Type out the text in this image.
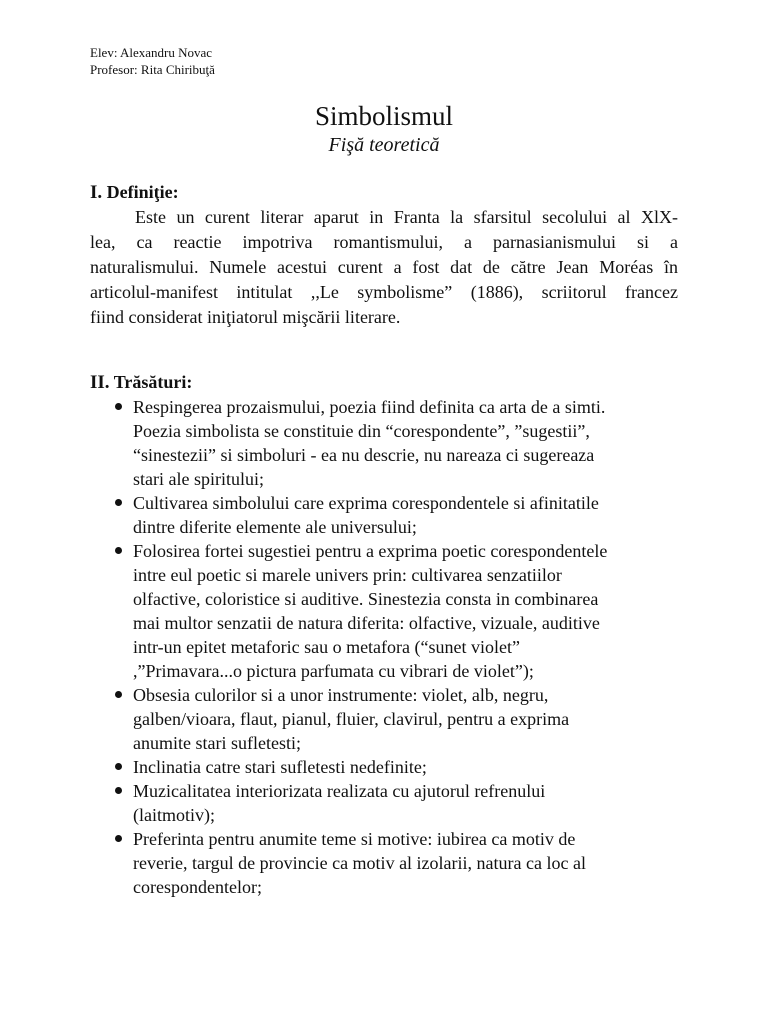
Elev: Alexandru Novac
Profesor: Rita Chiribuţă
Simbolismul
Fişă teoretică
I. Definiţie:

Este un curent literar aparut in Franta la sfarsitul secolului al XlX-
lea, ca reactie impotriva romantismului, a parnasianismului si a
naturalismului. Numele acestui curent a fost dat de către Jean Moréas în
articolul-manifest intitulat ,,Le symbolisme” (1886), scriitorul francez
fiind considerat iniţiatorul mişcării literare.

II. Trăsături:
Respingerea prozaismului, poezia fiind definita ca arta de a simti.
Poezia simbolista se constituie din “corespondente”, ”sugestii”,
“sinestezii” si simboluri - ea nu descrie, nu nareaza ci sugereaza
stari ale spiritului;
Cultivarea simbolului care exprima corespondentele si afinitatile
dintre diferite elemente ale universului;
Folosirea fortei sugestiei pentru a exprima poetic corespondentele
intre eul poetic si marele univers prin: cultivarea senzatiilor
olfactive, coloristice si auditive. Sinestezia consta in combinarea
mai multor senzatii de natura diferita: olfactive, vizuale, auditive
intr-un epitet metaforic sau o metafora (“sunet violet”
,”Primavara...o pictura parfumata cu vibrari de violet”);
Obsesia culorilor si a unor instrumente: violet, alb, negru,
galben/vioara, flaut, pianul, fluier, clavirul, pentru a exprima
anumite stari sufletesti;
Inclinatia catre stari sufletesti nedefinite;
Muzicalitatea interiorizata realizata cu ajutorul refrenului
(laitmotiv);
Preferinta pentru anumite teme si motive: iubirea ca motiv de
reverie, targul de provincie ca motiv al izolarii, natura ca loc al
corespondentelor;
